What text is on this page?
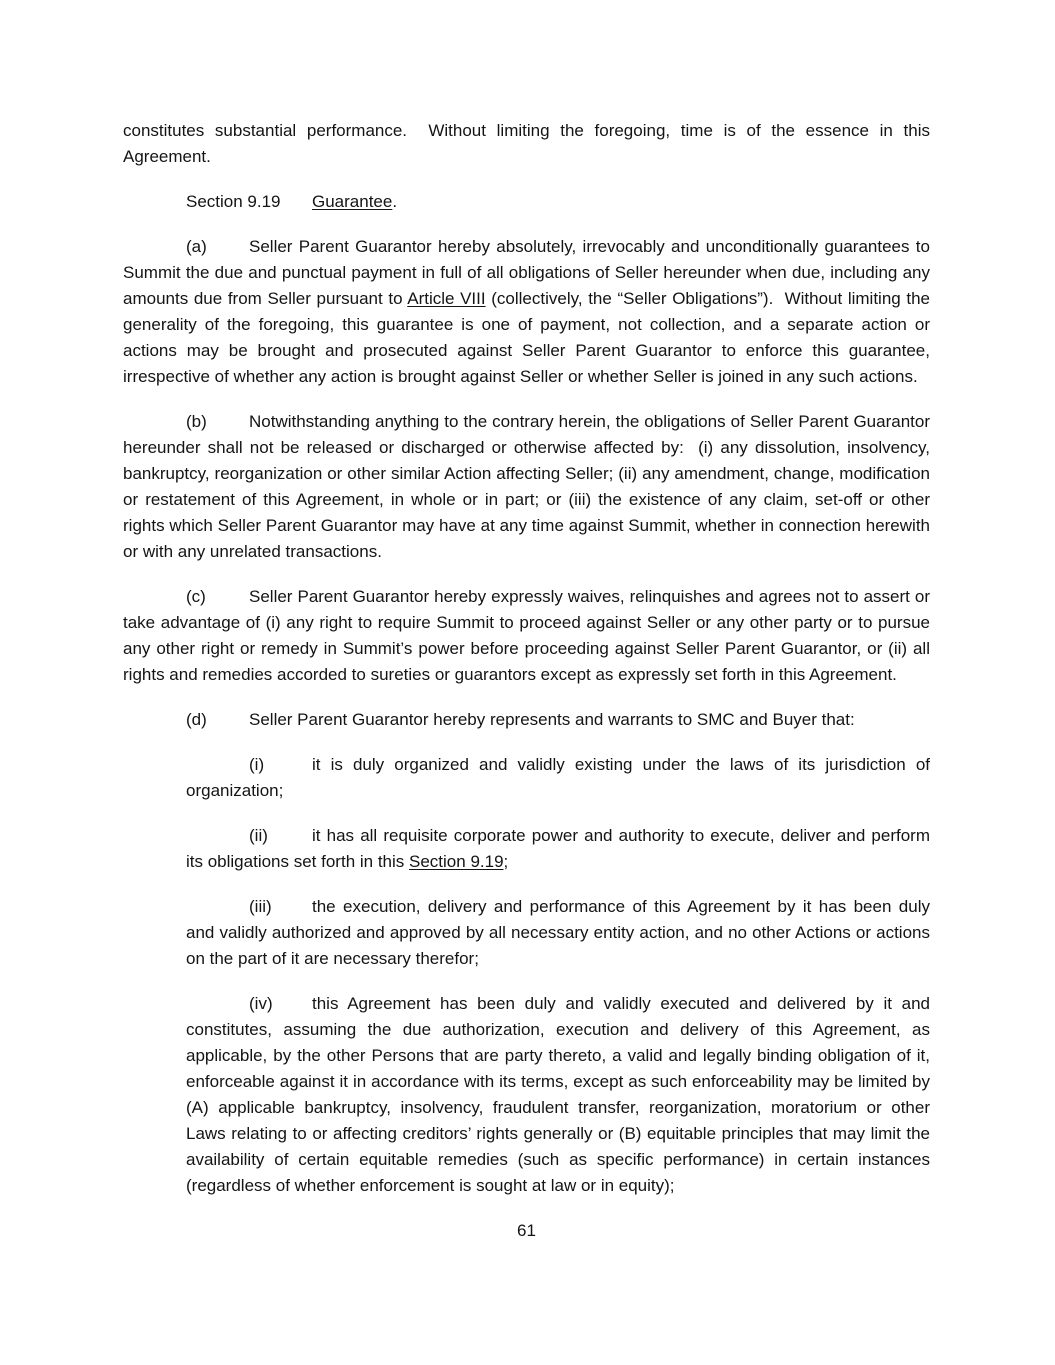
constitutes substantial performance.  Without limiting the foregoing, time is of the essence in this Agreement.

Section 9.19 Guarantee.

(a) Seller Parent Guarantor hereby absolutely, irrevocably and unconditionally guarantees to Summit the due and punctual payment in full of all obligations of Seller hereunder when due, including any amounts due from Seller pursuant to Article VIII (collectively, the “Seller Obligations”).  Without limiting the generality of the foregoing, this guarantee is one of payment, not collection, and a separate action or actions may be brought and prosecuted against Seller Parent Guarantor to enforce this guarantee, irrespective of whether any action is brought against Seller or whether Seller is joined in any such actions.

(b) Notwithstanding anything to the contrary herein, the obligations of Seller Parent Guarantor hereunder shall not be released or discharged or otherwise affected by:  (i) any dissolution, insolvency, bankruptcy, reorganization or other similar Action affecting Seller; (ii) any amendment, change, modification or restatement of this Agreement, in whole or in part; or (iii) the existence of any claim, set-off or other rights which Seller Parent Guarantor may have at any time against Summit, whether in connection herewith or with any unrelated transactions.

(c)	Seller Parent Guarantor hereby expressly waives, relinquishes and agrees not to assert or take advantage of (i) any right to require Summit to proceed against Seller or any other party or to pursue any other right or remedy in Summit’s power before proceeding against Seller Parent Guarantor, or (ii) all rights and remedies accorded to sureties or guarantors except as expressly set forth in this Agreement.

(d) Seller Parent Guarantor hereby represents and warrants to SMC and Buyer that:

(i)	it is duly organized and validly existing under the laws of its jurisdiction of organization;

(ii)	it has all requisite corporate power and authority to execute, deliver and perform its obligations set forth in this Section 9.19;

(iii) the execution, delivery and performance of this Agreement by it has been duly and validly authorized and approved by all necessary entity action, and no other Actions or actions on the part of it are necessary therefor;

(iv) this Agreement has been duly and validly executed and delivered by it and constitutes, assuming the due authorization, execution and delivery of this Agreement, as applicable, by the other Persons that are party thereto, a valid and legally binding obligation of it, enforceable against it in accordance with its terms, except as such enforceability may be limited by (A) applicable bankruptcy, insolvency, fraudulent transfer, reorganization, moratorium or other Laws relating to or affecting creditors’ rights generally or (B) equitable principles that may limit the availability of certain equitable remedies (such as specific performance) in certain instances (regardless of whether enforcement is sought at law or in equity);

61
